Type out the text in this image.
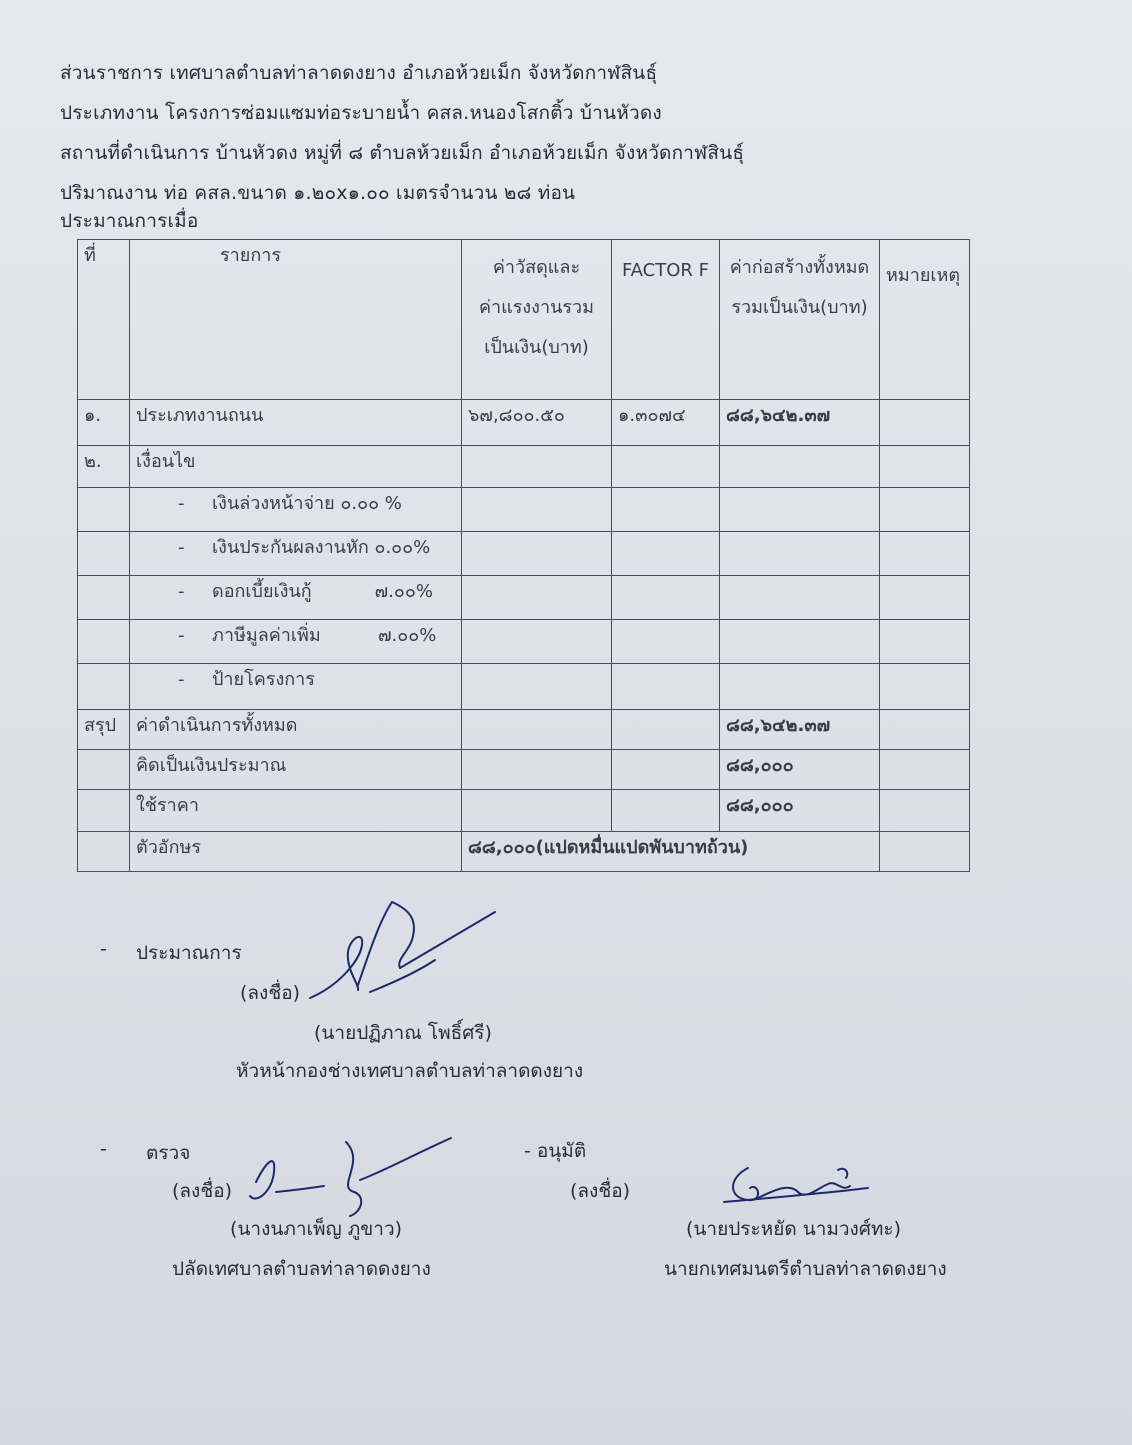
ส่วนราชการ เทศบาลตำบลท่าลาดดงยาง อำเภอห้วยเม็ก จังหวัดกาฬสินธุ์
ประเภทงาน โครงการซ่อมแซมท่อระบายน้ำ คสล.หนองโสกติ้ว บ้านหัวดง
สถานที่ดำเนินการ บ้านหัวดง หมู่ที่ ๘ ตำบลห้วยเม็ก อำเภอห้วยเม็ก จังหวัดกาฬสินธุ์
ปริมาณงาน ท่อ คสล.ขนาด ๑.๒๐x๑.๐๐ เมตรจำนวน ๒๘ ท่อน
ประมาณการเมื่อ
ที่	รายการ	ค่าวัสดุและค่าแรงงานรวมเป็นเงิน(บาท)	FACTOR F	ค่าก่อสร้างทั้งหมดรวมเป็นเงิน(บาท)	หมายเหตุ
๑.	ประเภทงานถนน	๖๗,๘๐๐.๕๐	๑.๓๐๗๔	๘๘,๖๔๒.๓๗	
๒.	เงื่อนไข				
	- เงินล่วงหน้าจ่าย ๐.๐๐ %				
	- เงินประกันผลงานหัก ๐.๐๐%				
	- ดอกเบี้ยเงินกู้           ๗.๐๐%				
	- ภาษีมูลค่าเพิ่ม          ๗.๐๐%				
	- ป้ายโครงการ				
สรุป	ค่าดำเนินการทั้งหมด			๘๘,๖๔๒.๓๗	
	คิดเป็นเงินประมาณ			๘๘,๐๐๐	
	ใช้ราคา			๘๘,๐๐๐	
	ตัวอักษร	๘๘,๐๐๐(แปดหมื่นแปดพันบาทถ้วน)			
- ประมาณการ
(ลงชื่อ)
(นายปฏิภาณ โพธิ์ศรี)
หัวหน้ากองช่างเทศบาลตำบลท่าลาดดงยาง
- ตรวจ
(ลงชื่อ)
(นางนภาเพ็ญ ภูขาว)
ปลัดเทศบาลตำบลท่าลาดดงยาง
- อนุมัติ
(ลงชื่อ)
(นายประหยัด นามวงศ์ทะ)
นายกเทศมนตรีตำบลท่าลาดดงยาง
